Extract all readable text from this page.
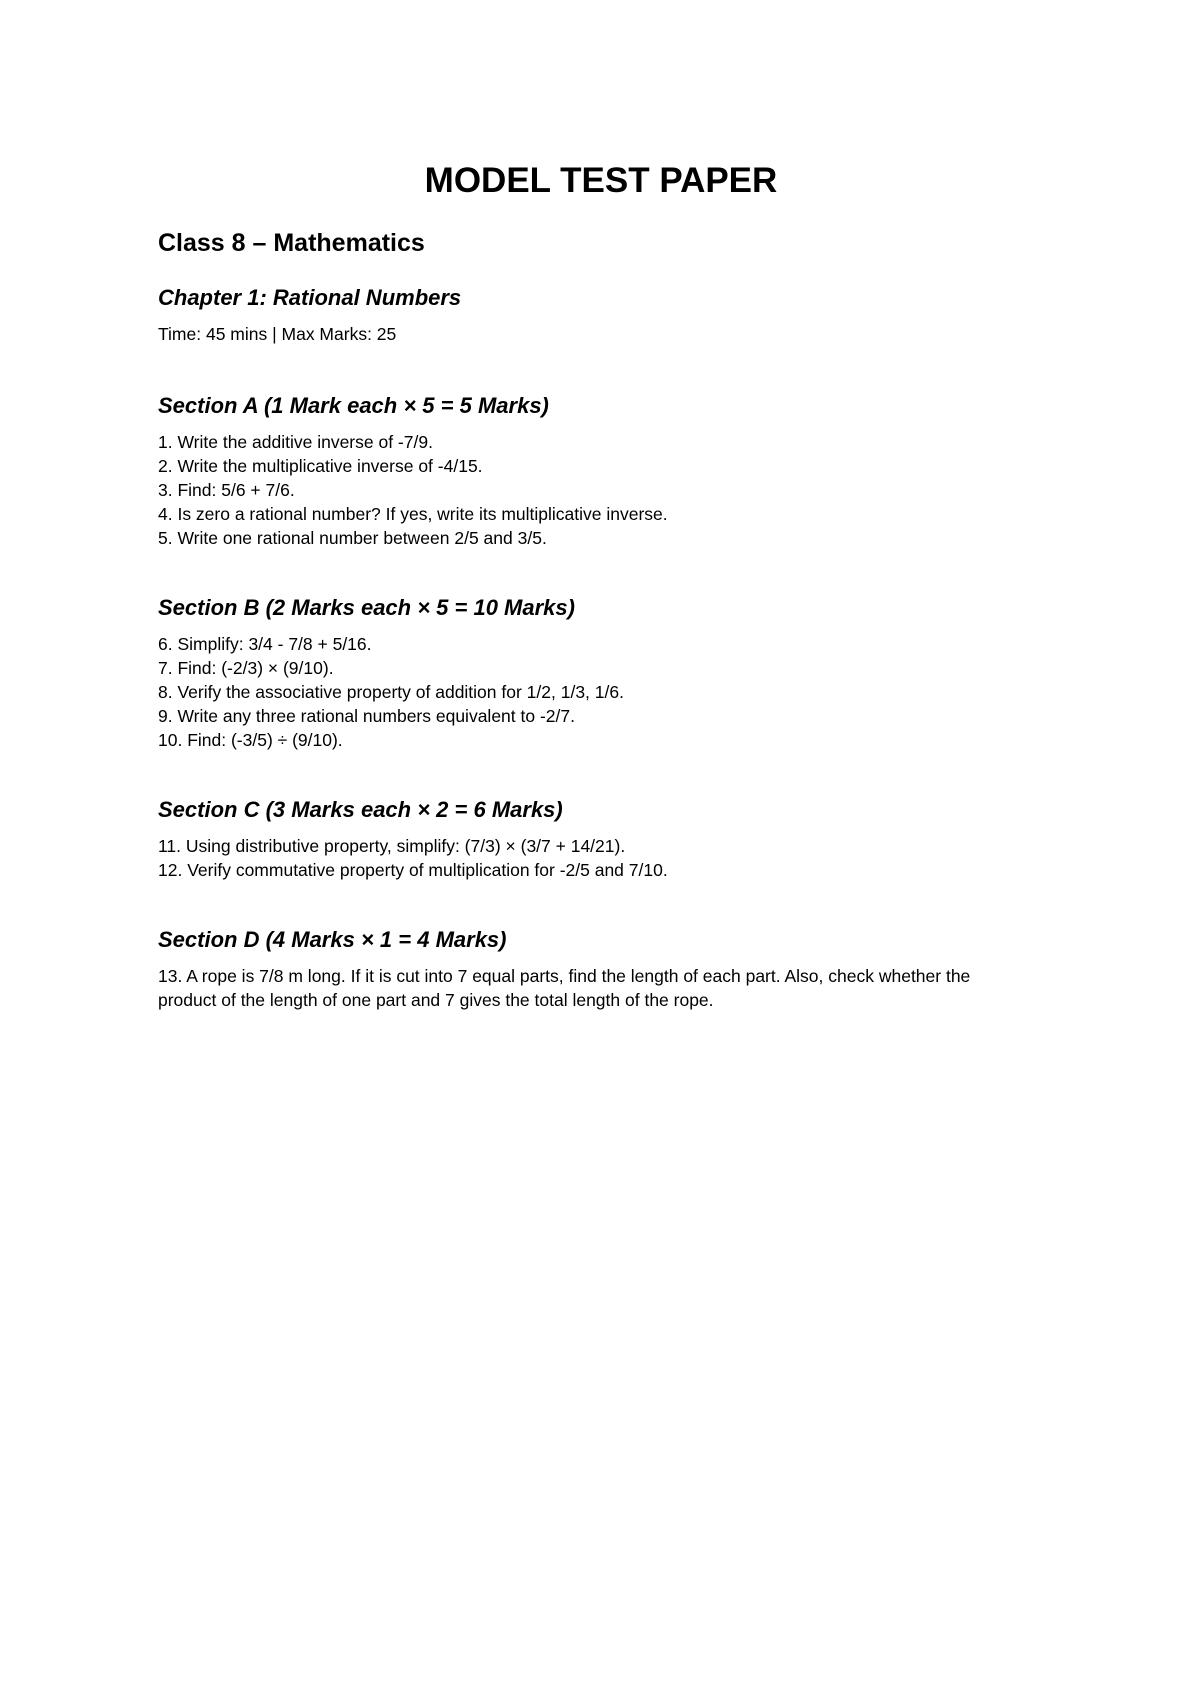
MODEL TEST PAPER
Class 8 – Mathematics
Chapter 1: Rational Numbers

Time: 45 mins | Max Marks: 25

Section A (1 Mark each × 5 = 5 Marks)
1. Write the additive inverse of -7/9.
2. Write the multiplicative inverse of -4/15.
3. Find: 5/6 + 7/6.
4. Is zero a rational number? If yes, write its multiplicative inverse.
5. Write one rational number between 2/5 and 3/5.
Section B (2 Marks each × 5 = 10 Marks)
6. Simplify: 3/4 - 7/8 + 5/16.
7. Find: (-2/3) × (9/10).
8. Verify the associative property of addition for 1/2, 1/3, 1/6.
9. Write any three rational numbers equivalent to -2/7.
10. Find: (-3/5) ÷ (9/10).
Section C (3 Marks each × 2 = 6 Marks)
11. Using distributive property, simplify: (7/3) × (3/7 + 14/21).
12. Verify commutative property of multiplication for -2/5 and 7/10.
Section D (4 Marks × 1 = 4 Marks)
13. A rope is 7/8 m long. If it is cut into 7 equal parts, find the length of each part. Also, check whether the product of the length of one part and 7 gives the total length of the rope.
